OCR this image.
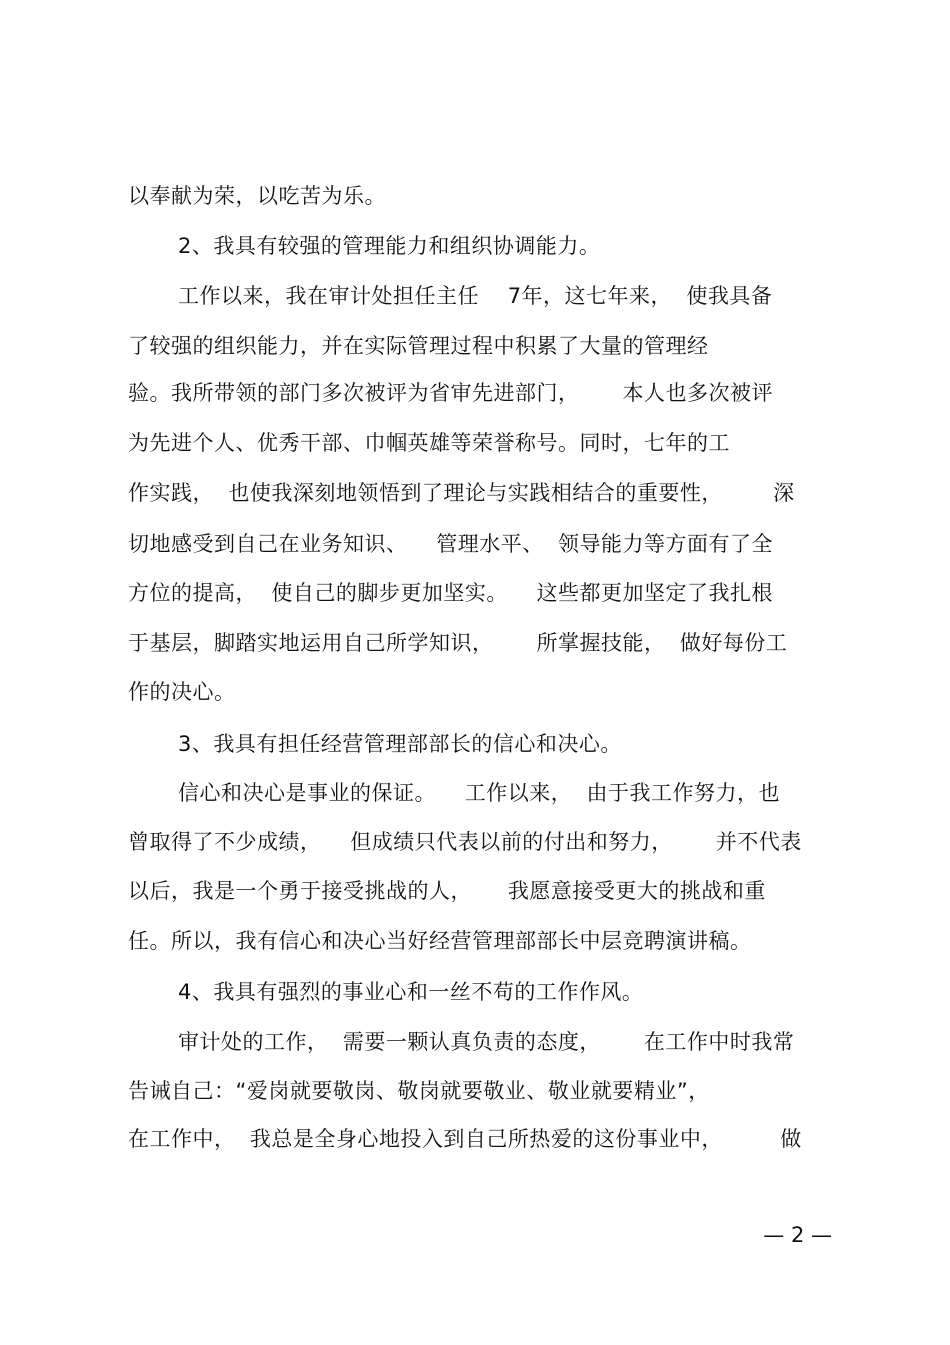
以奉献为荣，以吃苦为乐。
2、我具有较强的管理能力和组织协调能力。
工作以来，我在审计处担任主任    7年，这七年来，  使我具备
了较强的组织能力，并在实际管理过程中积累了大量的管理经
验。我所带领的部门多次被评为省审先进部门，      本人也多次被评
为先进个人、优秀干部、巾帼英雄等荣誉称号。同时，七年的工
作实践，  也使我深刻地领悟到了理论与实践相结合的重要性，       深
切地感受到自己在业务知识、    管理水平、  领导能力等方面有了全
方位的提高，  使自己的脚步更加坚实。    这些都更加坚定了我扎根
于基层，脚踏实地运用自己所学知识，      所掌握技能，  做好每份工
作的决心。
3、我具有担任经营管理部部长的信心和决心。
信心和决心是事业的保证。    工作以来，  由于我工作努力，也
曾取得了不少成绩，    但成绩只代表以前的付出和努力，      并不代表
以后，我是一个勇于接受挑战的人，     我愿意接受更大的挑战和重
任。所以，我有信心和决心当好经营管理部部长中层竞聘演讲稿。
4、我具有强烈的事业心和一丝不苟的工作作风。
审计处的工作，  需要一颗认真负责的态度，      在工作中时我常
告诫自己：“爱岗就要敬岗、敬岗就要敬业、敬业就要精业”，
在工作中，  我总是全身心地投入到自己所热爱的这份事业中，        做
— 2 —
